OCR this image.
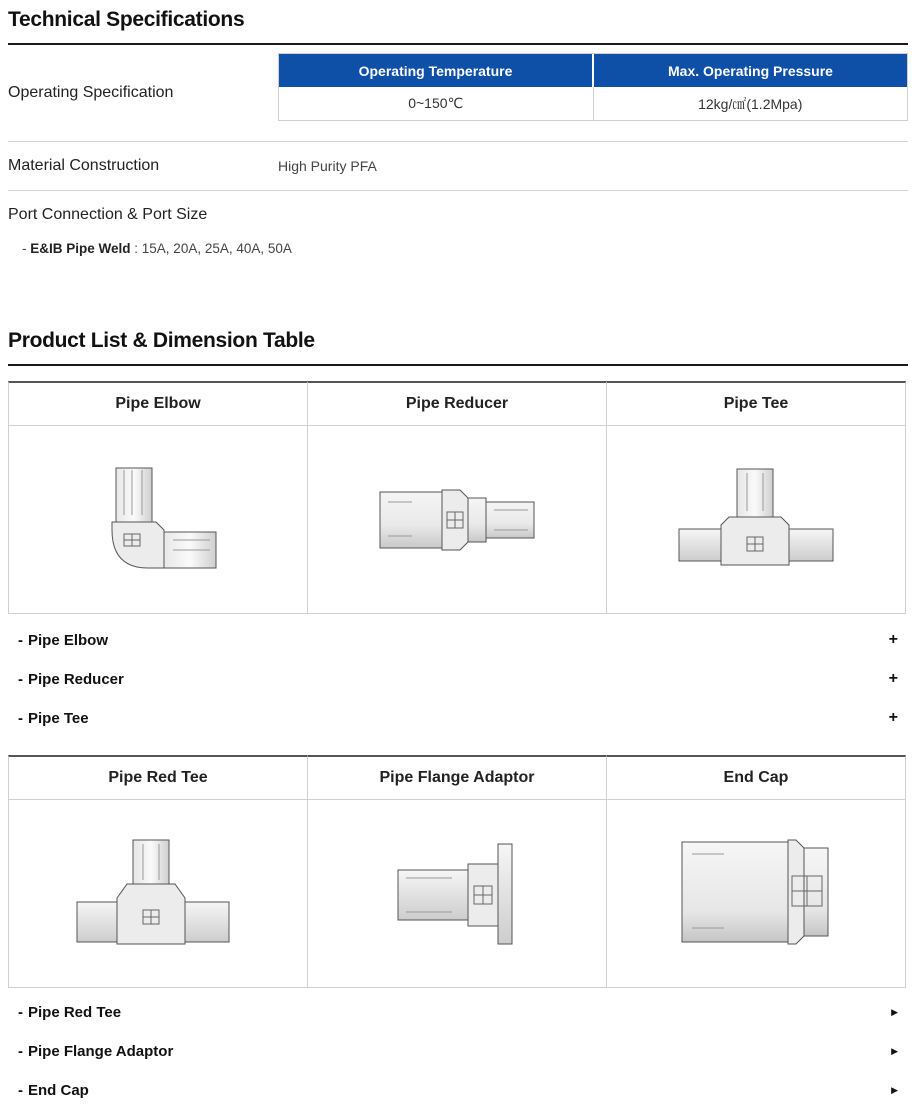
Technical Specifications
Operating Specification
Operating Temperature	Max. Operating Pressure
0~150℃	12kg/㎠(1.2Mpa)
Material Construction	High Purity PFA
Port Connection & Port Size
- E&IB Pipe Weld : 15A, 20A, 25A, 40A, 50A
Product List & Dimension Table
Pipe Elbow	Pipe Reducer	Pipe Tee
- Pipe Elbow	+
- Pipe Reducer	+
- Pipe Tee	+
Pipe Red Tee	Pipe Flange Adaptor	End Cap
- Pipe Red Tee	▶
- Pipe Flange Adaptor	▶
- End Cap	▶
